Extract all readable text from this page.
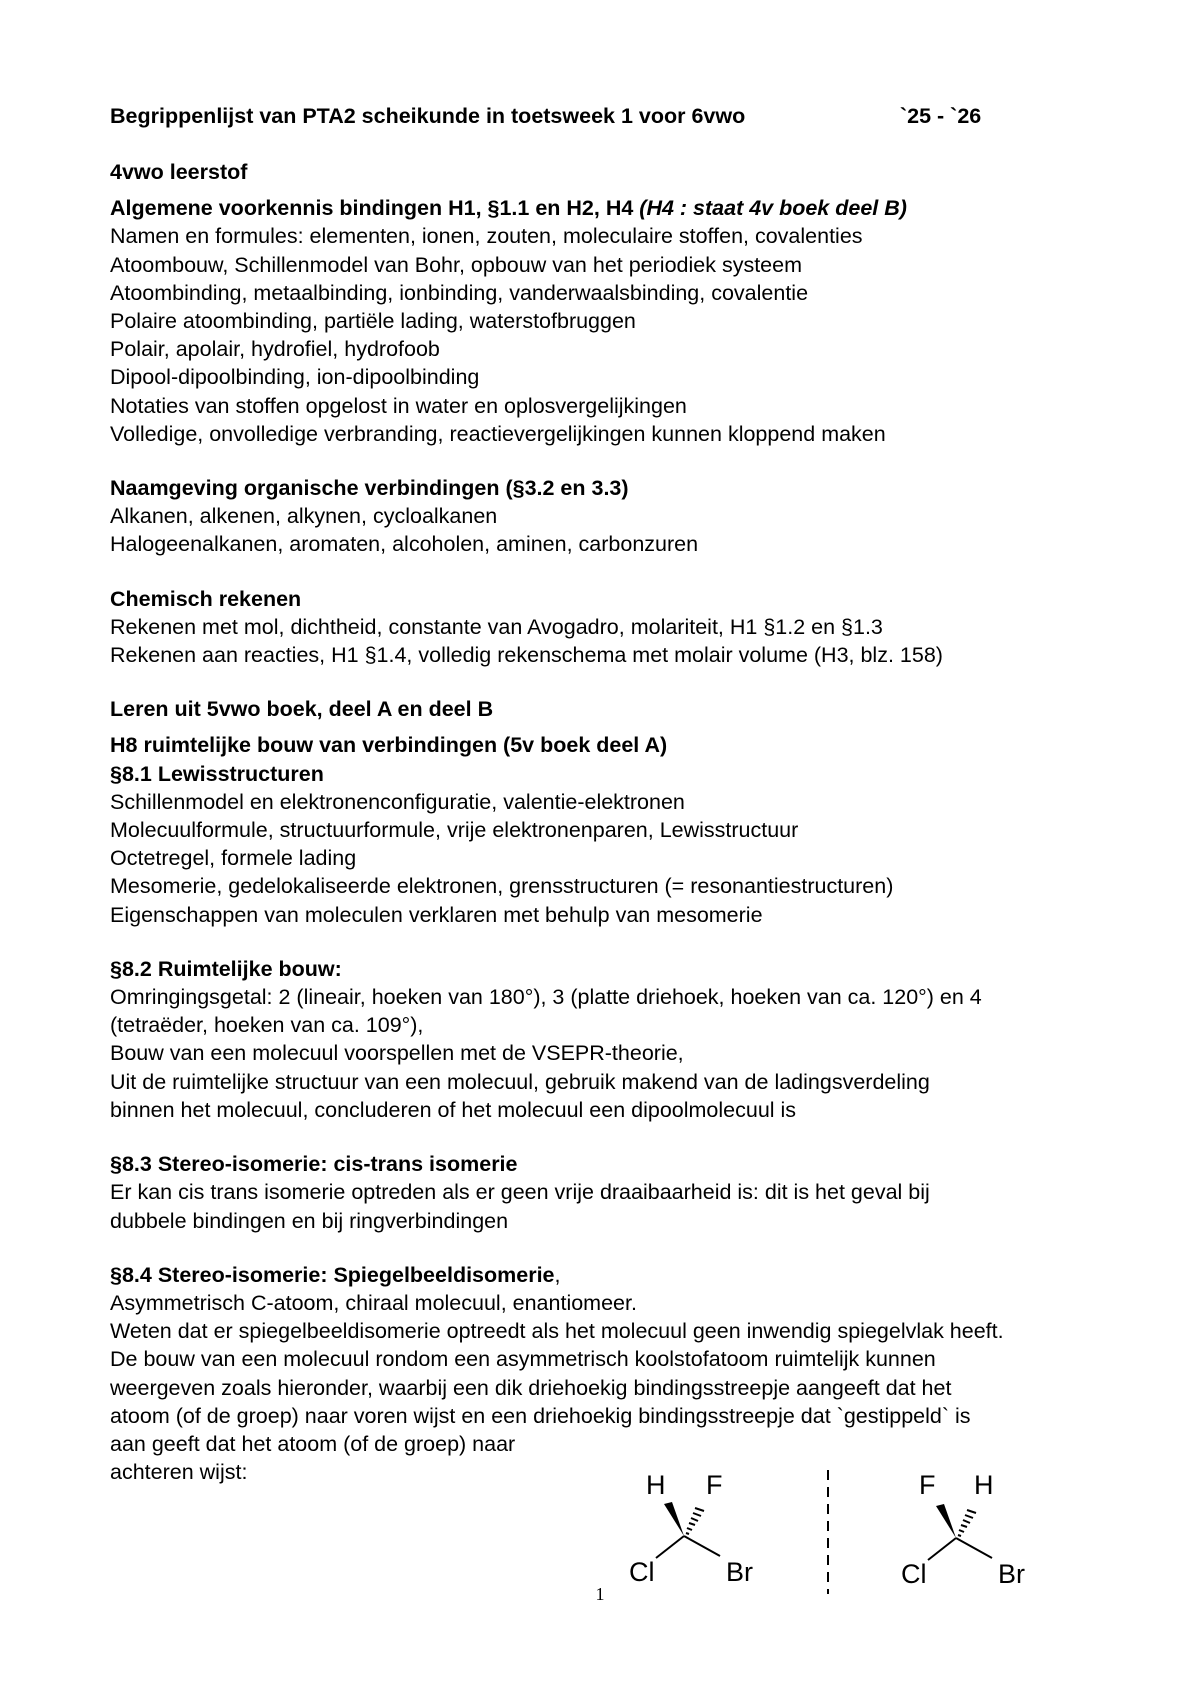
Begrippenlijst van PTA2 scheikunde in toetsweek 1 voor 6vwo	`25 - `26
4vwo leerstof
Algemene voorkennis bindingen H1, §1.1 en H2, H4 (H4 : staat 4v boek deel B)
Namen en formules: elementen, ionen, zouten, moleculaire stoffen, covalenties
Atoombouw, Schillenmodel van Bohr, opbouw van het periodiek systeem
Atoombinding, metaalbinding, ionbinding, vanderwaalsbinding, covalentie
Polaire atoombinding, partiële lading, waterstofbruggen
Polair, apolair, hydrofiel, hydrofoob
Dipool-dipoolbinding, ion-dipoolbinding
Notaties van stoffen opgelost in water en oplosvergelijkingen
Volledige, onvolledige verbranding, reactievergelijkingen kunnen kloppend maken
Naamgeving organische verbindingen (§3.2 en 3.3)
Alkanen, alkenen, alkynen, cycloalkanen
Halogeenalkanen, aromaten, alcoholen, aminen, carbonzuren
Chemisch rekenen
Rekenen met mol, dichtheid, constante van Avogadro, molariteit, H1 §1.2 en §1.3
Rekenen aan reacties, H1 §1.4, volledig rekenschema met molair volume (H3, blz. 158)
Leren uit 5vwo boek, deel A en deel B
H8 ruimtelijke bouw van verbindingen (5v boek deel A)
§8.1 Lewisstructuren
Schillenmodel en elektronenconfiguratie, valentie-elektronen
Molecuulformule, structuurformule, vrije elektronenparen, Lewisstructuur
Octetregel, formele lading
Mesomerie, gedelokaliseerde elektronen, grensstructuren (= resonantiestructuren)
Eigenschappen van moleculen verklaren met behulp van mesomerie
§8.2 Ruimtelijke bouw:
Omringingsgetal: 2 (lineair, hoeken van 180°), 3 (platte driehoek, hoeken van ca. 120°) en 4
(tetraëder, hoeken van ca. 109°),
Bouw van een molecuul voorspellen met de VSEPR-theorie,
Uit de ruimtelijke structuur van een molecuul, gebruik makend van de ladingsverdeling
binnen het molecuul, concluderen of het molecuul een dipoolmolecuul is
§8.3 Stereo-isomerie: cis-trans isomerie
Er kan cis trans isomerie optreden als er geen vrije draaibaarheid is: dit is het geval bij
dubbele bindingen en bij ringverbindingen
§8.4 Stereo-isomerie: Spiegelbeeldisomerie,
Asymmetrisch C-atoom, chiraal molecuul, enantiomeer.
Weten dat er spiegelbeeldisomerie optreedt als het molecuul geen inwendig spiegelvlak heeft.
De bouw van een molecuul rondom een asymmetrisch koolstofatoom ruimtelijk kunnen
weergeven zoals hieronder, waarbij een dik driehoekig bindingsstreepje aangeeft dat het
atoom (of de groep) naar voren wijst en een driehoekig bindingsstreepje dat `gestippeld` is
aan geeft dat het atoom (of de groep) naar
achteren wijst:	H F
Cl	Br
F H
Cl	Br
1
